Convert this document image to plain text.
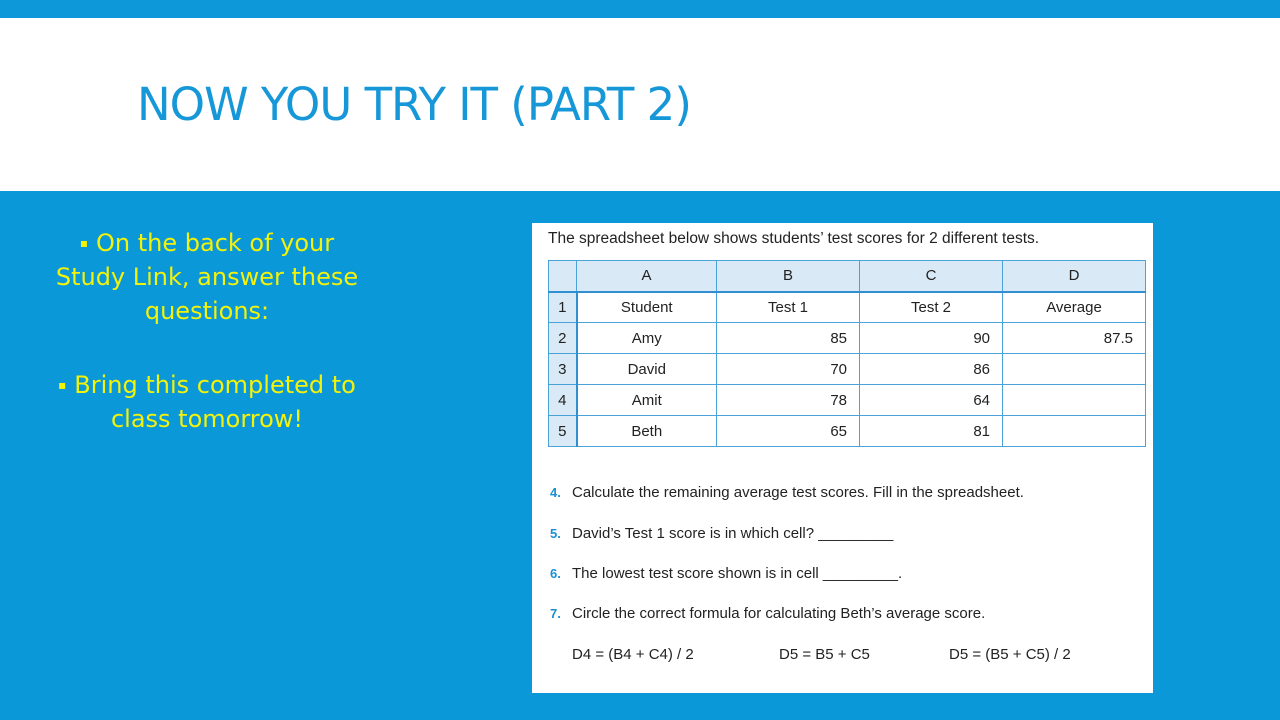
NOW YOU TRY IT (PART 2)
▪ On the back of your Study Link, answer these questions:
▪ Bring this completed to class tomorrow!
The spreadsheet below shows students’ test scores for 2 different tests.
	A	B	C	D
1	Student	Test 1	Test 2	Average
2	Amy	85	90	87.5
3	David	70	86	
4	Amit	78	64	
5	Beth	65	81	
4. Calculate the remaining average test scores. Fill in the spreadsheet.
5. David’s Test 1 score is in which cell? _________
6. The lowest test score shown is in cell _________.
7. Circle the correct formula for calculating Beth’s average score.
D4 = (B4 + C4) / 2	D5 = B5 + C5	D5 = (B5 + C5) / 2
